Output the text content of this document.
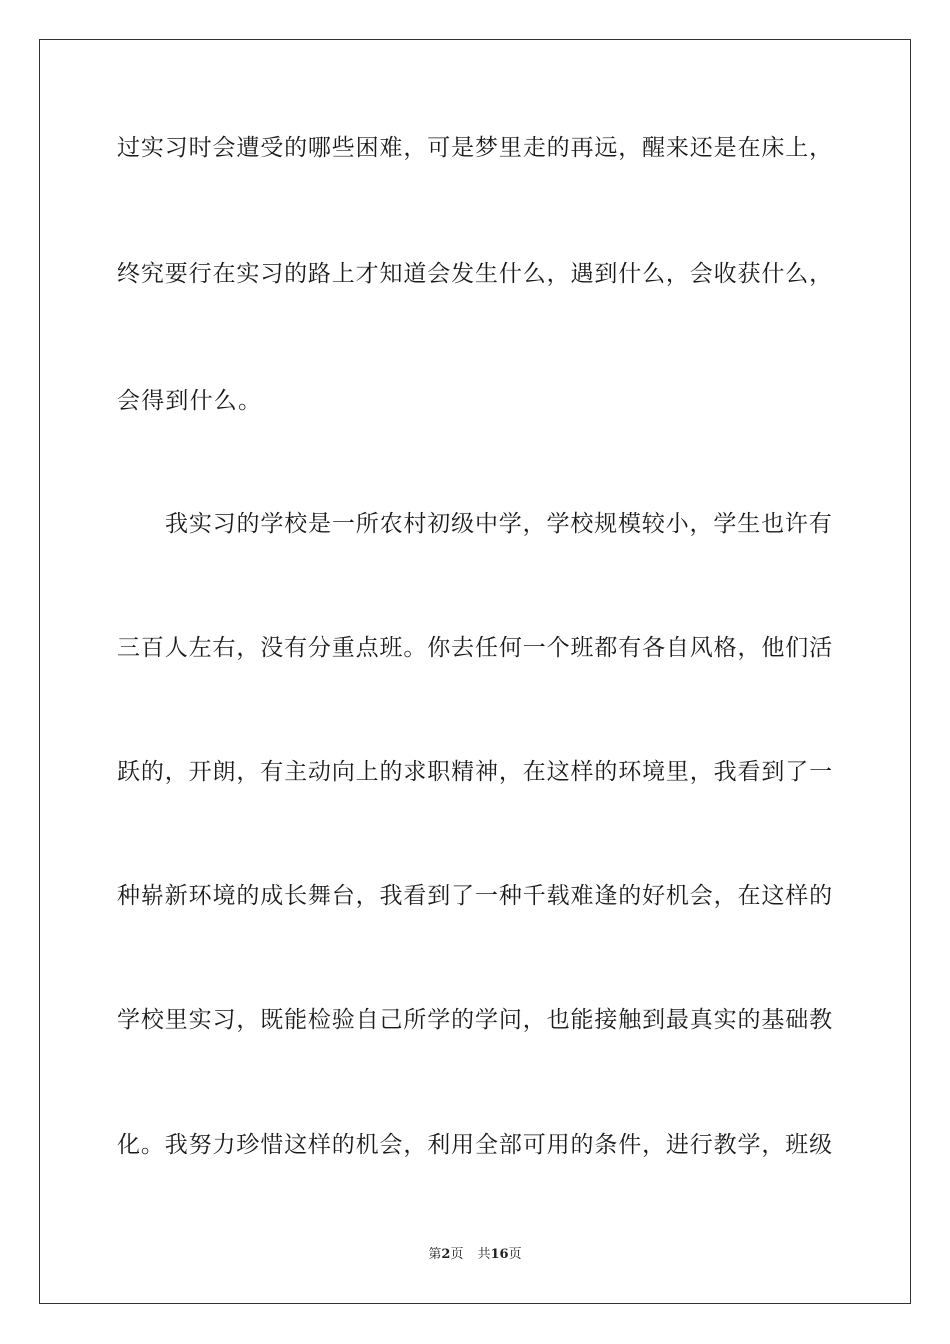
过实习时会遭受的哪些困难，可是梦里走的再远，醒来还是在床上，
终究要行在实习的路上才知道会发生什么，遇到什么，会收获什么，
会得到什么。
我实习的学校是一所农村初级中学，学校规模较小，学生也许有
三百人左右，没有分重点班。你去任何一个班都有各自风格，他们活
跃的，开朗，有主动向上的求职精神，在这样的环境里，我看到了一
种崭新环境的成长舞台，我看到了一种千载难逢的好机会，在这样的
学校里实习，既能检验自己所学的学问，也能接触到最真实的基础教
化。我努力珍惜这样的机会，利用全部可用的条件，进行教学，班级
第2页 共16页
